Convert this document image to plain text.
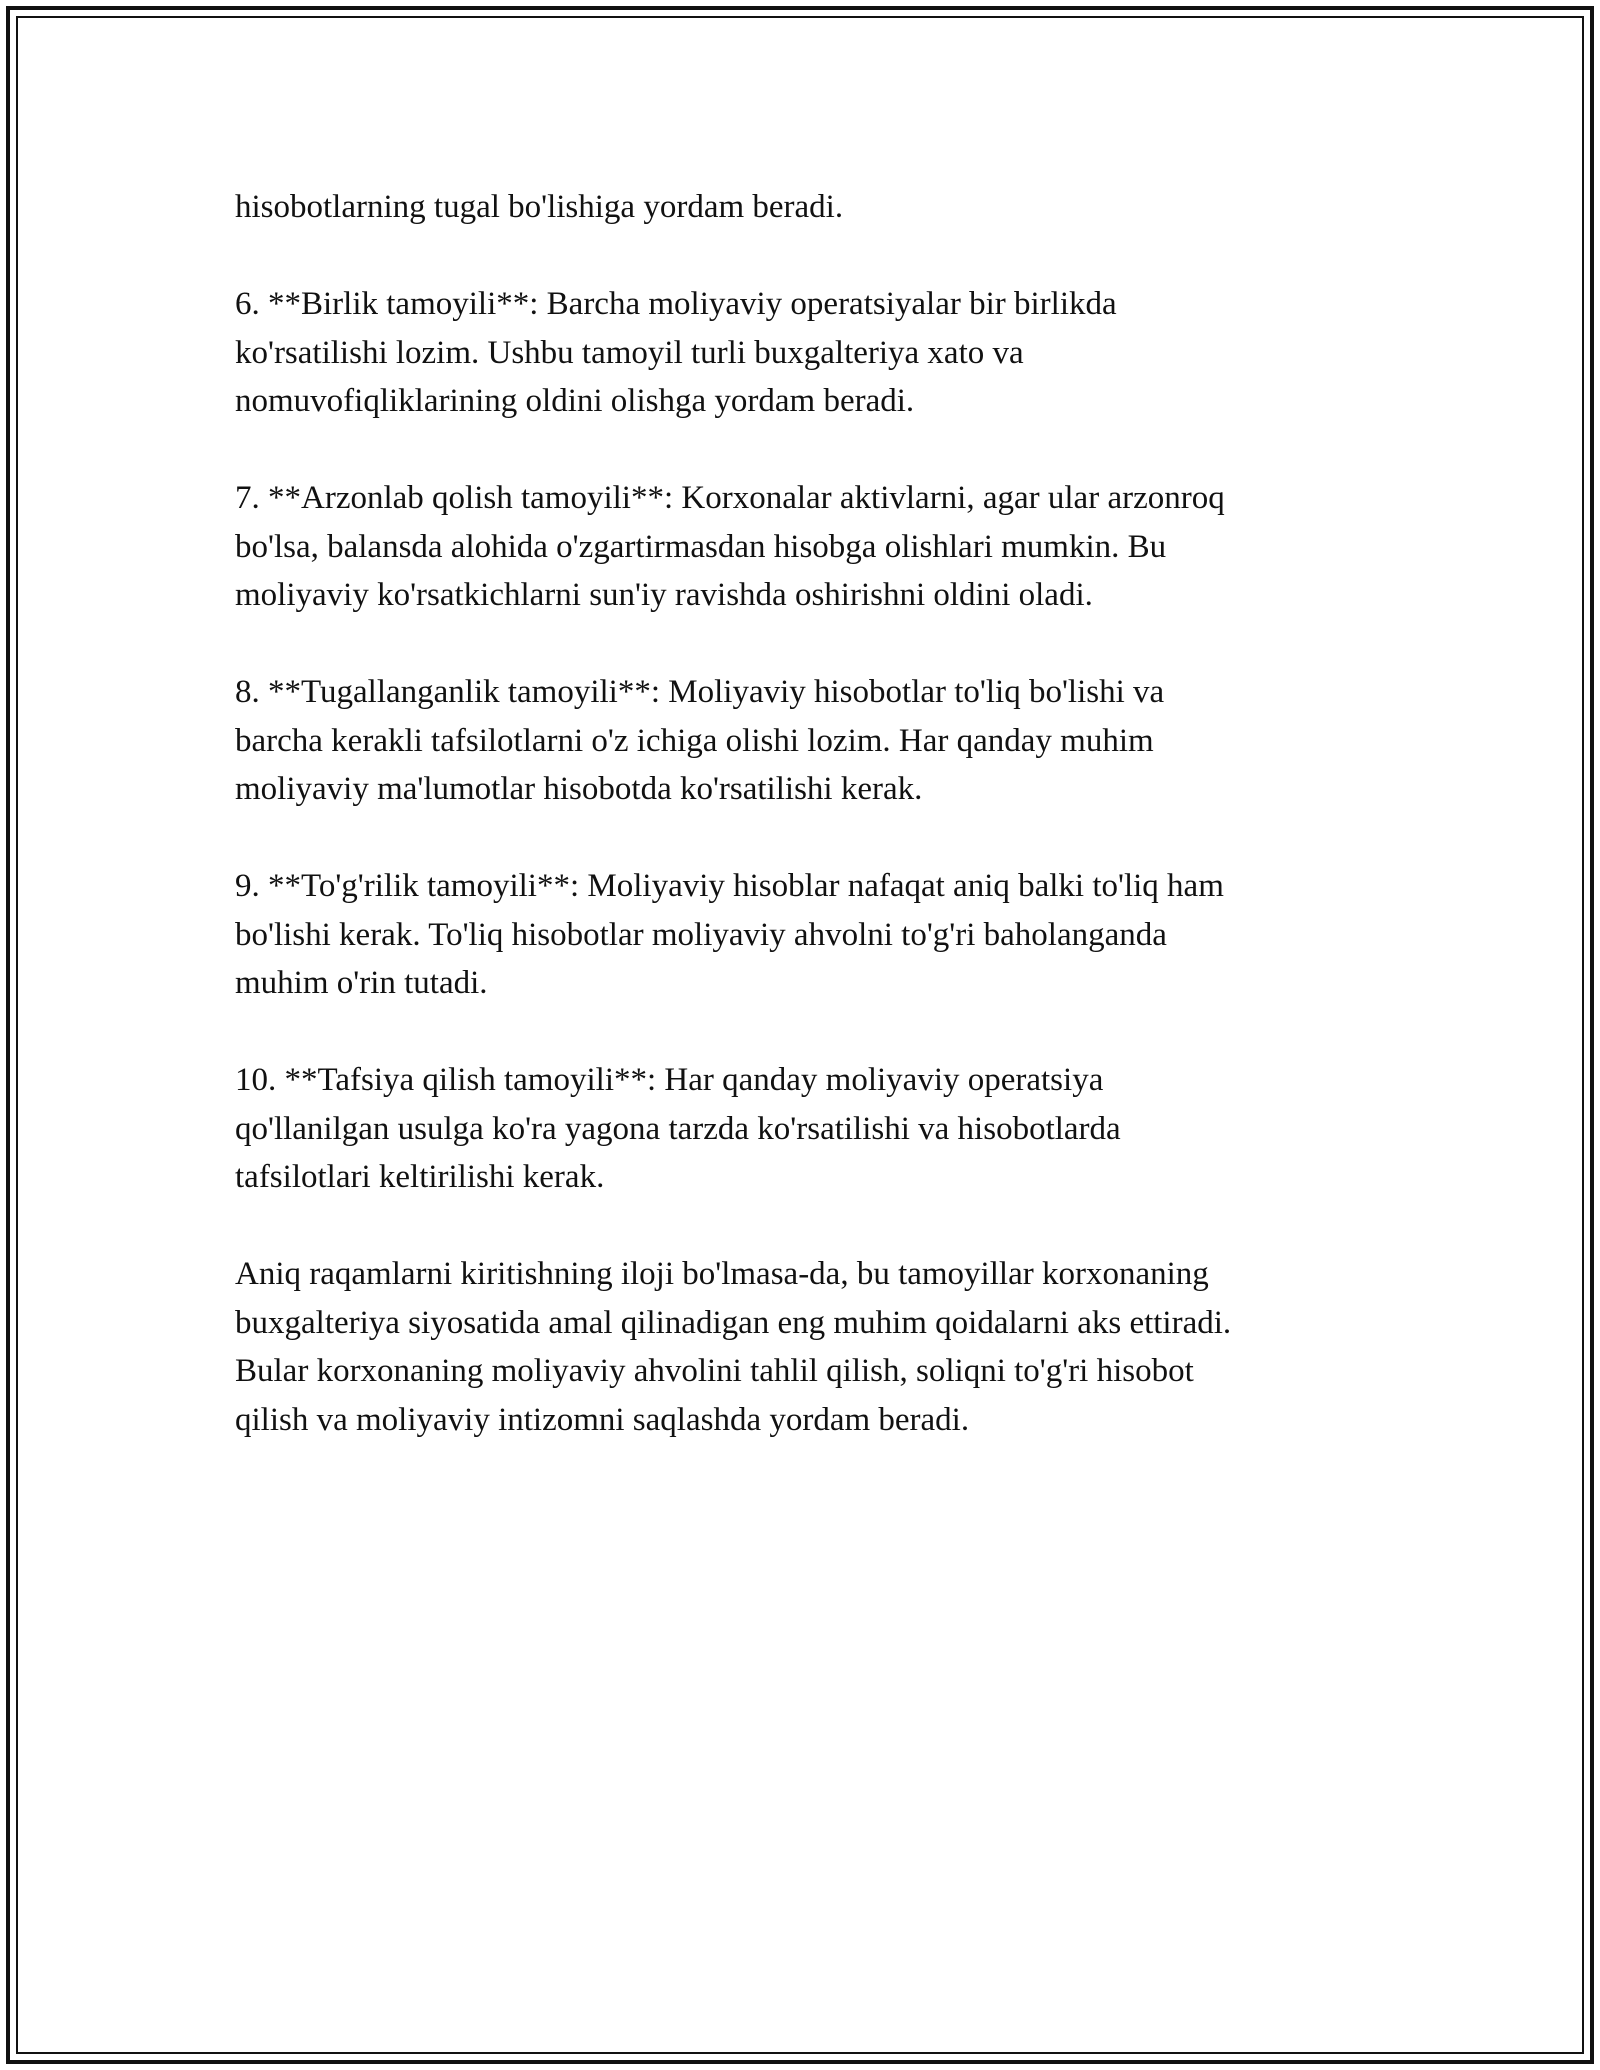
hisobotlarning tugal bo'lishiga yordam beradi.

6. **Birlik tamoyili**: Barcha moliyaviy operatsiyalar bir birlikda
ko'rsatilishi lozim. Ushbu tamoyil turli buxgalteriya xato va
nomuvofiqliklarining oldini olishga yordam beradi.

7. **Arzonlab qolish tamoyili**: Korxonalar aktivlarni, agar ular arzonroq
bo'lsa, balansda alohida o'zgartirmasdan hisobga olishlari mumkin. Bu
moliyaviy ko'rsatkichlarni sun'iy ravishda oshirishni oldini oladi.

8. **Tugallanganlik tamoyili**: Moliyaviy hisobotlar to'liq bo'lishi va
barcha kerakli tafsilotlarni o'z ichiga olishi lozim. Har qanday muhim
moliyaviy ma'lumotlar hisobotda ko'rsatilishi kerak.

9. **To'g'rilik tamoyili**: Moliyaviy hisoblar nafaqat aniq balki to'liq ham
bo'lishi kerak. To'liq hisobotlar moliyaviy ahvolni to'g'ri baholanganda
muhim o'rin tutadi.

10. **Tafsiya qilish tamoyili**: Har qanday moliyaviy operatsiya
qo'llanilgan usulga ko'ra yagona tarzda ko'rsatilishi va hisobotlarda
tafsilotlari keltirilishi kerak.

Aniq raqamlarni kiritishning iloji bo'lmasa-da, bu tamoyillar korxonaning
buxgalteriya siyosatida amal qilinadigan eng muhim qoidalarni aks ettiradi.
Bular korxonaning moliyaviy ahvolini tahlil qilish, soliqni to'g'ri hisobot
qilish va moliyaviy intizomni saqlashda yordam beradi.
